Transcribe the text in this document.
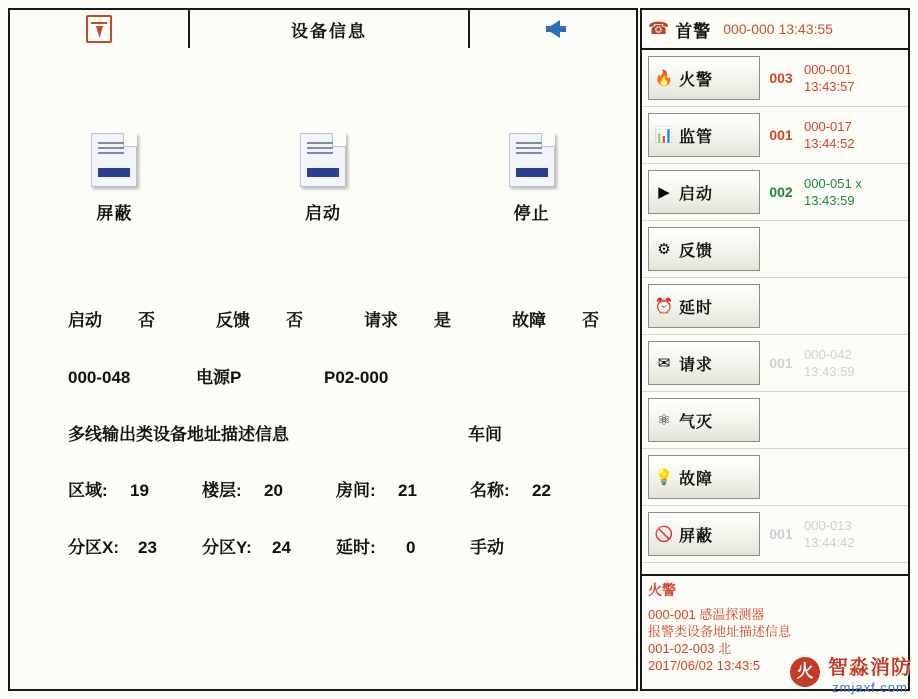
设备信息
屏蔽	启动	停止
启动 否	反馈 否	请求 是	故障 否
000-048	电源P	P02-000
多线输出类设备地址描述信息	车间
区域: 19	楼层: 20	房间: 21	名称: 22
分区X: 23	分区Y: 24	延时: 0	手动
☎ 首警 000-000 13:43:55
🔥 火警	003
000-001
13:43:57
📊 监管	001
000-017
13:44:52
▶ 启动	002
000-051 x
13:43:59
⚙ 反馈
⏰ 延时
✉ 请求	001
000-042
13:43:59
⚛ 气灭
💡 故障
🚫 屏蔽	001
000-013
13:44:42
火警
000-001 感温探测器
报警类设备地址描述信息
001-02-003 北
2017/06/02 13:43:5	火 智淼消防
zmjaxf.com
